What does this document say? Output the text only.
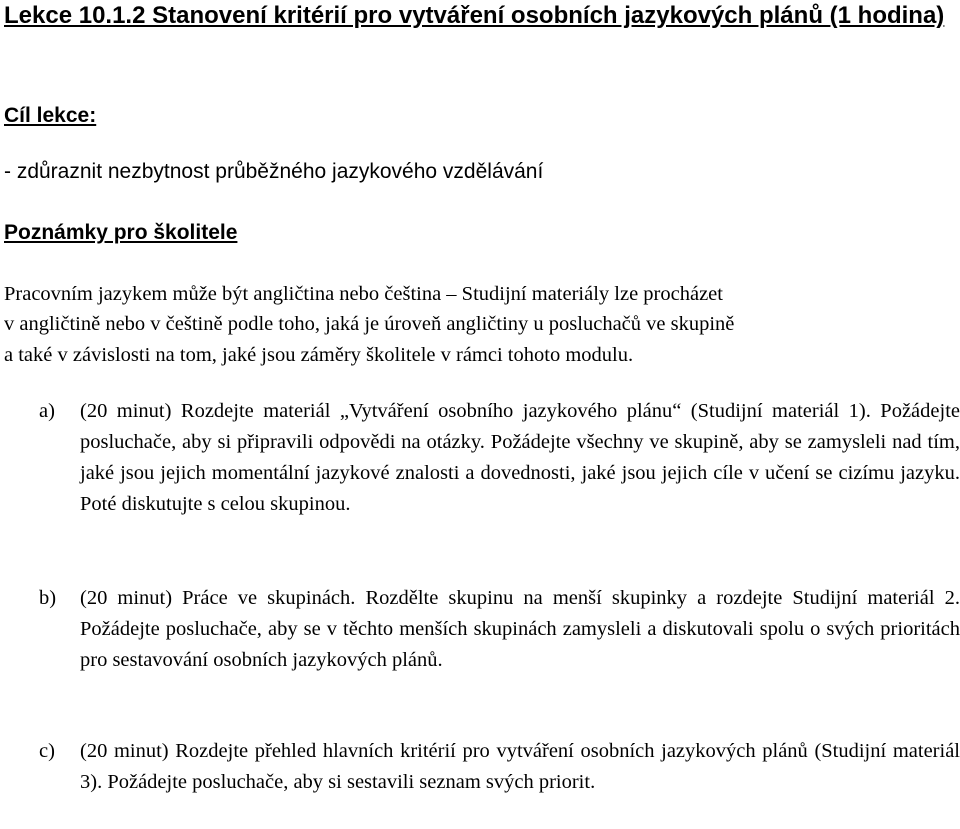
Lekce 10.1.2 Stanovení kritérií pro vytváření osobních jazykových plánů (1 hodina)
Cíl lekce:
- zdůraznit nezbytnost průběžného jazykového vzdělávání
Poznámky pro školitele
Pracovním jazykem může být angličtina nebo čeština – Studijní materiály lze procházet
v angličtině nebo v češtině podle toho, jaká je úroveň angličtiny u posluchačů ve skupině
a také v závislosti na tom, jaké jsou záměry školitele v rámci tohoto modulu.
a) (20 minut) Rozdejte materiál „Vytváření osobního jazykového plánu“ (Studijní materiál 1). Požádejte posluchače, aby si připravili odpovědi na otázky. Požádejte všechny ve skupině, aby se zamysleli nad tím, jaké jsou jejich momentální jazykové znalosti a dovednosti, jaké jsou jejich cíle v učení se cizímu jazyku. Poté diskutujte s celou skupinou.
b) (20 minut) Práce ve skupinách. Rozdělte skupinu na menší skupinky a rozdejte Studijní materiál 2. Požádejte posluchače, aby se v těchto menších skupinách zamysleli a diskutovali spolu o svých prioritách pro sestavování osobních jazykových plánů.
c) (20 minut) Rozdejte přehled hlavních kritérií pro vytváření osobních jazykových plánů (Studijní materiál 3). Požádejte posluchače, aby si sestavili seznam svých priorit.
